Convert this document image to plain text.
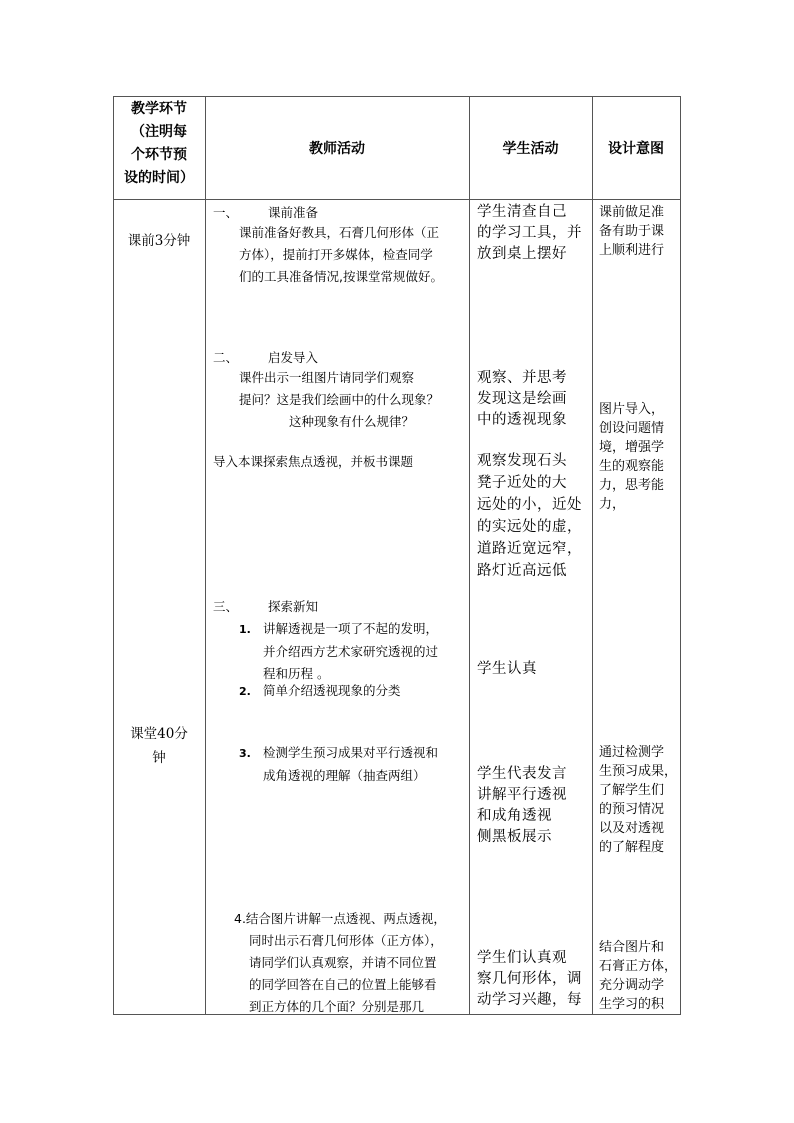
教学环节
（注明每
个环节预
设的时间）
教师活动	学生活动	设计意图
课前3分钟
课堂40分
钟
一、 课前准备
课前准备好教具，石膏几何形体（正
方体），提前打开多媒体，检查同学
们的工具准备情况,按课堂常规做好。
二、 启发导入
课件出示一组图片请同学们观察
提问？这是我们绘画中的什么现象？
这种现象有什么规律？
导入本课探索焦点透视，并板书课题
三、 探索新知
1. 讲解透视是一项了不起的发明，
并介绍西方艺术家研究透视的过
程和历程 。
2. 简单介绍透视现象的分类
3. 检测学生预习成果对平行透视和
成角透视的理解（抽查两组）
4.结合图片讲解一点透视、两点透视，
同时出示石膏几何形体（正方体），
请同学们认真观察，并请不同位置
的同学回答在自己的位置上能够看
到正方体的几个面？分别是那几
学生清查自己
的学习工具，并
放到桌上摆好
观察、并思考
发现这是绘画
中的透视现象
观察发现石头
凳子近处的大
远处的小，近处
的实远处的虚，
道路近宽远窄，
路灯近高远低
学生认真
学生代表发言
讲解平行透视
和成角透视
侧黑板展示
学生们认真观
察几何形体，调
动学习兴趣，每
课前做足准
备有助于课
上顺利进行
图片导入，
创设问题情
境，增强学
生的观察能
力，思考能
力，
通过检测学
生预习成果，
了解学生们
的预习情况
以及对透视
的了解程度
结合图片和
石膏正方体，
充分调动学
生学习的积
